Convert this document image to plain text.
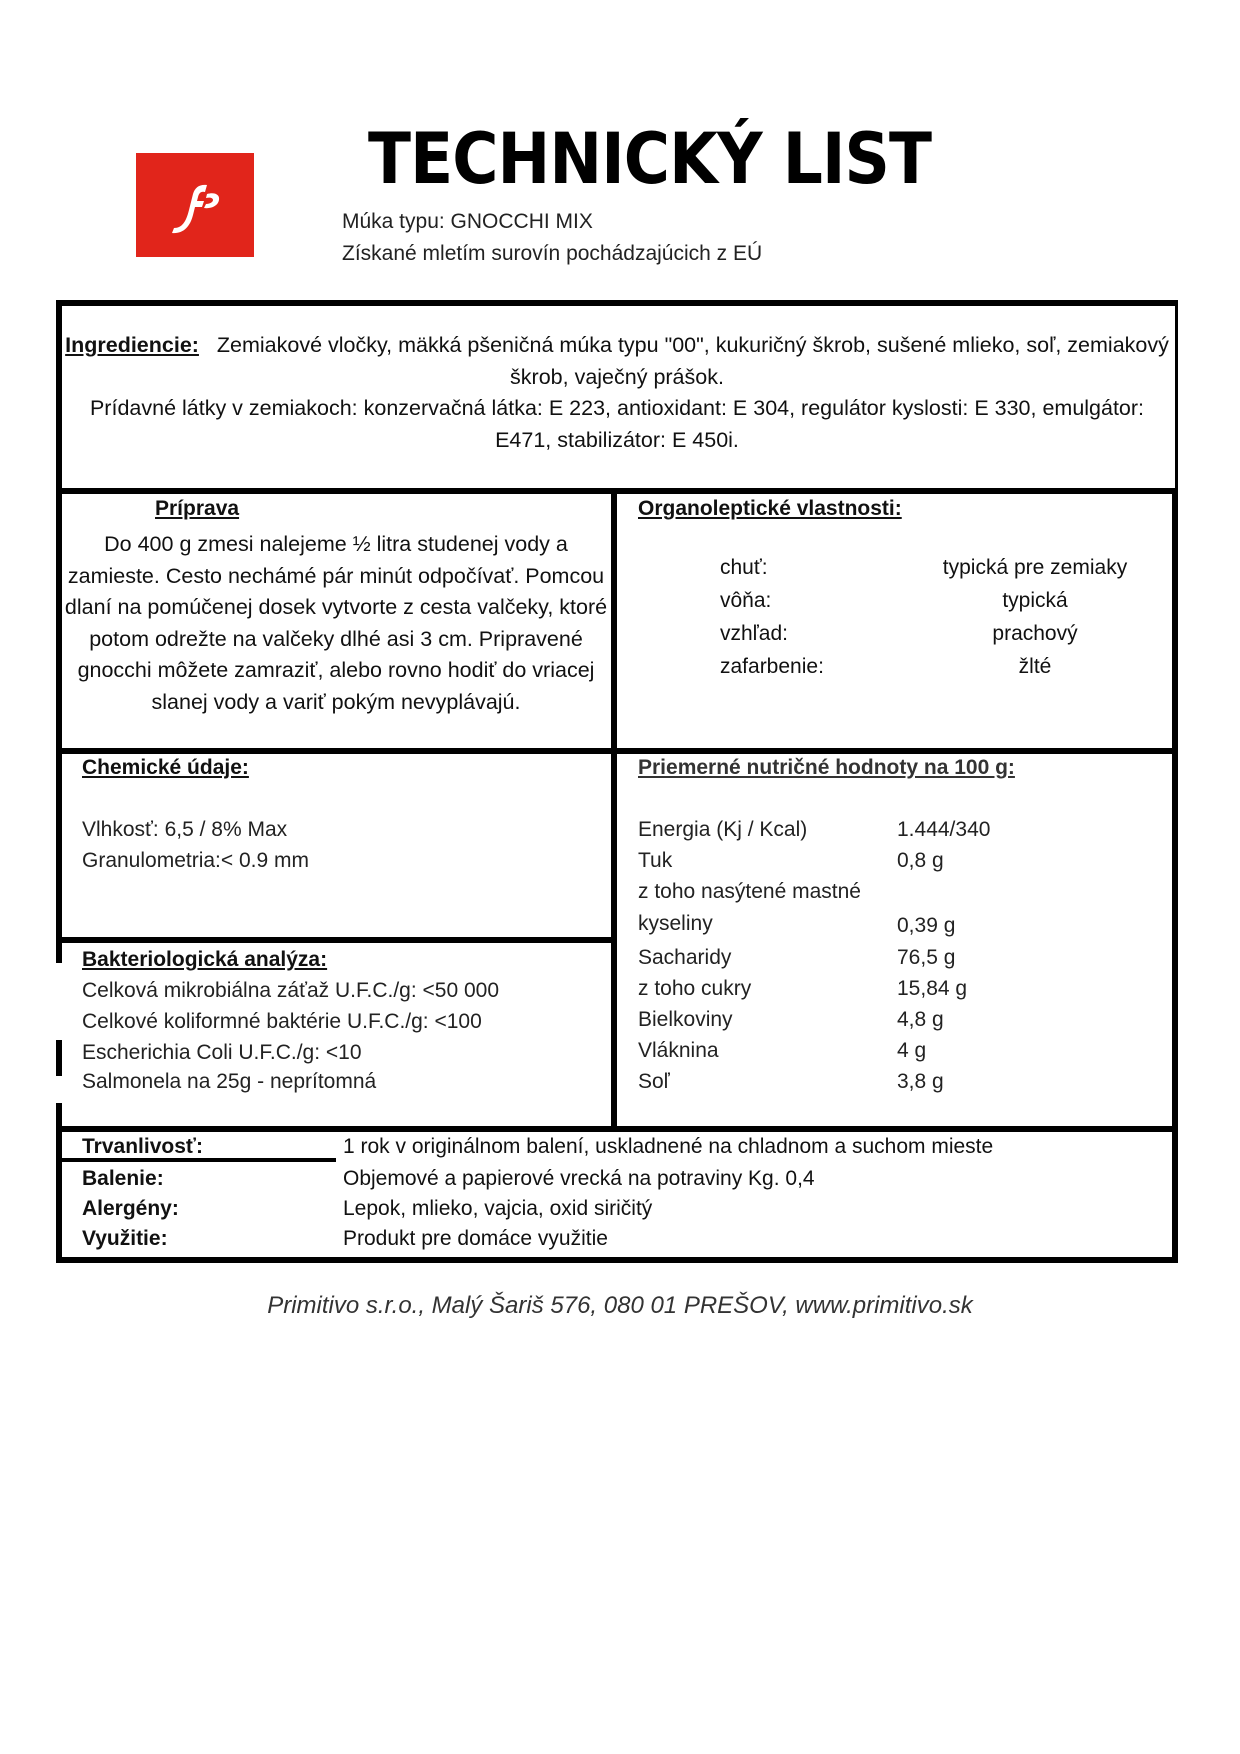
TECHNICKÝ LIST
Múka typu: GNOCCHI MIX
Získané mletím surovín pochádzajúcich z EÚ
Ingrediencie: Zemiakové vločky, mäkká pšeničná múka typu "00", kukuričný škrob, sušené mlieko, soľ, zemiakový škrob, vaječný prášok.
Prídavné látky v zemiakoch: konzervačná látka: E 223, antioxidant: E 304, regulátor kyslosti: E 330, emulgátor: E471, stabilizátor: E 450i.
Príprava
Do 400 g zmesi nalejeme ½ litra studenej vody a zamieste. Cesto nechámé pár minút odpočívať. Pomcou dlaní na pomúčenej dosek vytvorte z cesta valčeky, ktoré potom odrežte na valčeky dlhé asi 3 cm. Pripravené gnocchi môžete zamraziť, alebo rovno hodiť do vriacej slanej vody a variť pokým nevyplávajú.
Organoleptické vlastnosti:
chuť:	typická pre zemiaky
vôňa:	typická
vzhľad:	prachový
zafarbenie:	žlté
Chemické údaje:
Vlhkosť: 6,5 / 8% Max
Granulometria:< 0.9 mm
Priemerné nutričné hodnoty na 100 g:
Energia (Kj / Kcal)	1.444/340
Tuk	0,8 g
z toho nasýtené mastné
kyseliny	0,39 g
Sacharidy	76,5 g
z toho cukry	15,84 g
Bielkoviny	4,8 g
Vláknina	4 g
Soľ	3,8 g
Bakteriologická analýza:
Celková mikrobiálna záťaž U.F.C./g: <50 000
Celkové koliformné baktérie U.F.C./g: <100
Escherichia Coli U.F.C./g: <10
Salmonela na 25g - neprítomná
Trvanlivosť:	1 rok v originálnom balení, uskladnené na chladnom a suchom mieste
Balenie:	Objemové a papierové vrecká na potraviny Kg. 0,4
Alergény:	Lepok, mlieko, vajcia, oxid siričitý
Využitie:	Produkt pre domáce využitie
Primitivo s.r.o., Malý Šariš 576, 080 01 PREŠOV, www.primitivo.sk
